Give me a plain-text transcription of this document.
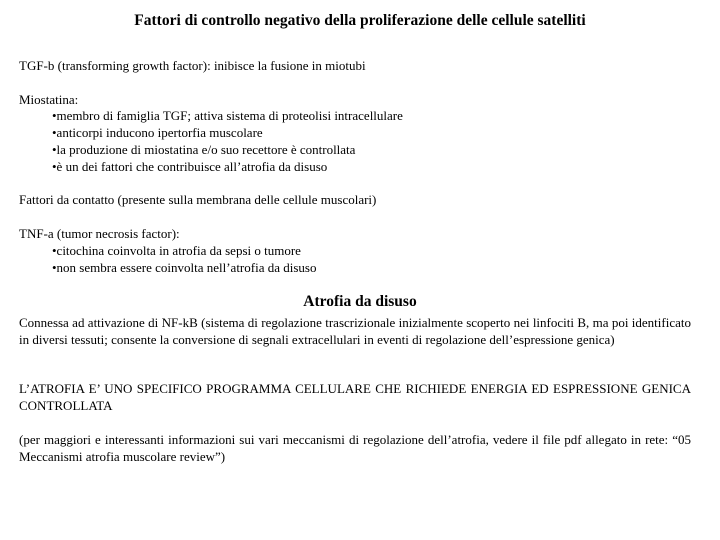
Fattori di controllo negativo della proliferazione delle cellule satelliti
TGF-b (transforming growth factor): inibisce la fusione in miotubi
Miostatina:
•membro di famiglia TGF; attiva sistema di proteolisi intracellulare
•anticorpi inducono ipertorfia muscolare
•la produzione di miostatina e/o suo recettore è controllata
•è un dei fattori che contribuisce all’atrofia da disuso
Fattori da contatto (presente sulla membrana delle cellule muscolari)
TNF-a (tumor necrosis factor):
•citochina coinvolta in atrofia da sepsi o tumore
•non sembra essere coinvolta nell’atrofia da disuso
Atrofia da disuso
Connessa ad attivazione di NF-kB (sistema di regolazione trascrizionale inizialmente scoperto nei linfociti B, ma poi identificato in diversi tessuti; consente la conversione di segnali extracellulari in eventi di regolazione dell’espressione genica)
L’ATROFIA E’ UNO SPECIFICO PROGRAMMA CELLULARE CHE RICHIEDE ENERGIA ED ESPRESSIONE GENICA CONTROLLATA
(per maggiori e interessanti informazioni sui vari meccanismi di regolazione dell’atrofia, vedere il file pdf allegato in rete: “05 Meccanismi atrofia muscolare review”)
